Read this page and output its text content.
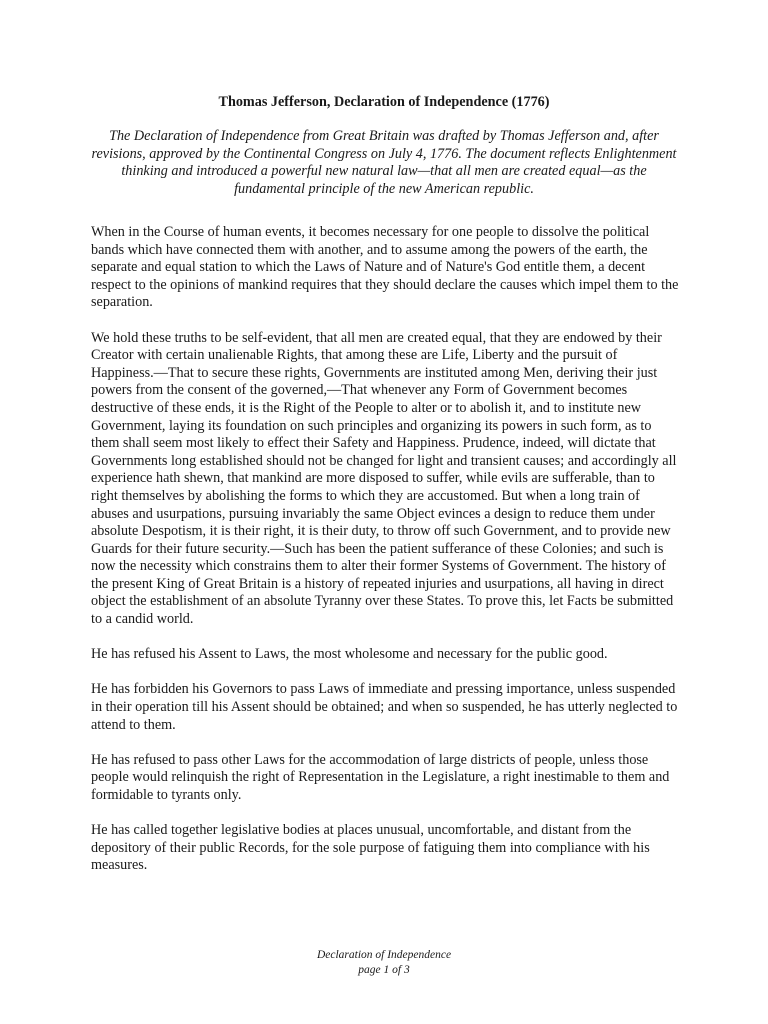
Thomas Jefferson, Declaration of Independence (1776)

The Declaration of Independence from Great Britain was drafted by Thomas Jefferson and, after revisions, approved by the Continental Congress on July 4, 1776. The document reflects Enlightenment thinking and introduced a powerful new natural law—that all men are created equal—as the fundamental principle of the new American republic.

When in the Course of human events, it becomes necessary for one people to dissolve the political bands which have connected them with another, and to assume among the powers of the earth, the separate and equal station to which the Laws of Nature and of Nature's God entitle them, a decent respect to the opinions of mankind requires that they should declare the causes which impel them to the separation.

We hold these truths to be self-evident, that all men are created equal, that they are endowed by their Creator with certain unalienable Rights, that among these are Life, Liberty and the pursuit of Happiness.—That to secure these rights, Governments are instituted among Men, deriving their just powers from the consent of the governed,—That whenever any Form of Government becomes destructive of these ends, it is the Right of the People to alter or to abolish it, and to institute new Government, laying its foundation on such principles and organizing its powers in such form, as to them shall seem most likely to effect their Safety and Happiness. Prudence, indeed, will dictate that Governments long established should not be changed for light and transient causes; and accordingly all experience hath shewn, that mankind are more disposed to suffer, while evils are sufferable, than to right themselves by abolishing the forms to which they are accustomed. But when a long train of abuses and usurpations, pursuing invariably the same Object evinces a design to reduce them under absolute Despotism, it is their right, it is their duty, to throw off such Government, and to provide new Guards for their future security.—Such has been the patient sufferance of these Colonies; and such is now the necessity which constrains them to alter their former Systems of Government. The history of the present King of Great Britain is a history of repeated injuries and usurpations, all having in direct object the establishment of an absolute Tyranny over these States. To prove this, let Facts be submitted to a candid world.

He has refused his Assent to Laws, the most wholesome and necessary for the public good.

He has forbidden his Governors to pass Laws of immediate and pressing importance, unless suspended in their operation till his Assent should be obtained; and when so suspended, he has utterly neglected to attend to them.

He has refused to pass other Laws for the accommodation of large districts of people, unless those people would relinquish the right of Representation in the Legislature, a right inestimable to them and formidable to tyrants only.

He has called together legislative bodies at places unusual, uncomfortable, and distant from the depository of their public Records, for the sole purpose of fatiguing them into compliance with his measures.

Declaration of Independence
page 1 of 3
